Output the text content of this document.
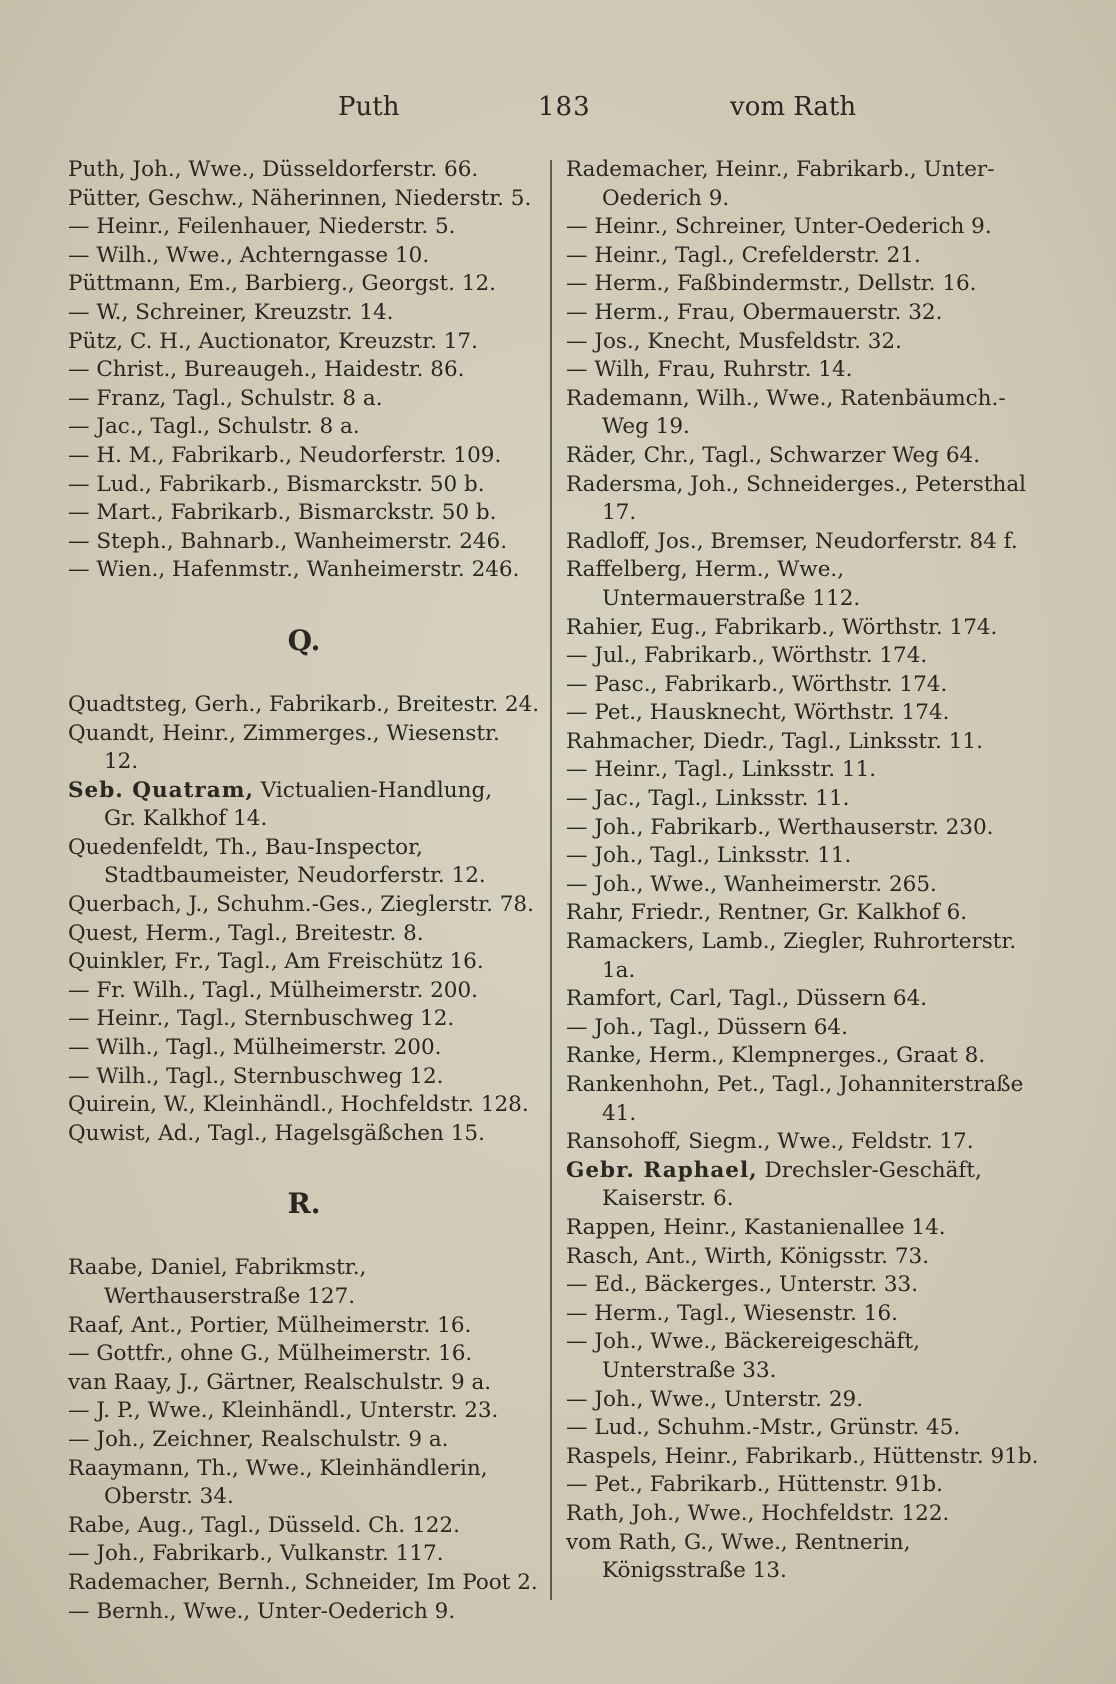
Puth	183	vom Rath
Puth, Joh., Wwe., Düsseldorferstr. 66.
Pütter, Geschw., Näherinnen, Niederstr. 5.
— Heinr., Feilenhauer, Niederstr. 5.
— Wilh., Wwe., Achterngasse 10.
Püttmann, Em., Barbierg., Georgst. 12.
— W., Schreiner, Kreuzstr. 14.
Pütz, C. H., Auctionator, Kreuzstr. 17.
— Christ., Bureaugeh., Haidestr. 86.
— Franz, Tagl., Schulstr. 8 a.
— Jac., Tagl., Schulstr. 8 a.
— H. M., Fabrikarb., Neudorferstr. 109.
— Lud., Fabrikarb., Bismarckstr. 50 b.
— Mart., Fabrikarb., Bismarckstr. 50 b.
— Steph., Bahnarb., Wanheimerstr. 246.
— Wien., Hafenmstr., Wanheimerstr. 246.
Q.
Quadtsteg, Gerh., Fabrikarb., Breitestr. 24.
Quandt, Heinr., Zimmerges., Wiesenstr. 12.
Seb. Quatram, Victualien-Handlung,
Gr. Kalkhof 14.
Quedenfeldt, Th., Bau-Inspector, Stadtbaumeister, Neudorferstr. 12.
Querbach, J., Schuhm.-Ges., Zieglerstr. 78.
Quest, Herm., Tagl., Breitestr. 8.
Quinkler, Fr., Tagl., Am Freischütz 16.
— Fr. Wilh., Tagl., Mülheimerstr. 200.
— Heinr., Tagl., Sternbuschweg 12.
— Wilh., Tagl., Mülheimerstr. 200.
— Wilh., Tagl., Sternbuschweg 12.
Quirein, W., Kleinhändl., Hochfeldstr. 128.
Quwist, Ad., Tagl., Hagelsgäßchen 15.
R.
Raabe, Daniel, Fabrikmstr., Werthauserstraße 127.
Raaf, Ant., Portier, Mülheimerstr. 16.
— Gottfr., ohne G., Mülheimerstr. 16.
van Raay, J., Gärtner, Realschulstr. 9 a.
— J. P., Wwe., Kleinhändl., Unterstr. 23.
— Joh., Zeichner, Realschulstr. 9 a.
Raaymann, Th., Wwe., Kleinhändlerin, Oberstr. 34.
Rabe, Aug., Tagl., Düsseld. Ch. 122.
— Joh., Fabrikarb., Vulkanstr. 117.
Rademacher, Bernh., Schneider, Im Poot 2.
— Bernh., Wwe., Unter-Oederich 9.
Rademacher, Heinr., Fabrikarb., Unter-Oederich 9.
— Heinr., Schreiner, Unter-Oederich 9.
— Heinr., Tagl., Crefelderstr. 21.
— Herm., Faßbindermstr., Dellstr. 16.
— Herm., Frau, Obermauerstr. 32.
— Jos., Knecht, Musfeldstr. 32.
— Wilh, Frau, Ruhrstr. 14.
Rademann, Wilh., Wwe., Ratenbäumch.-Weg 19.
Räder, Chr., Tagl., Schwarzer Weg 64.
Radersma, Joh., Schneiderges., Petersthal 17.
Radloff, Jos., Bremser, Neudorferstr. 84 f.
Raffelberg, Herm., Wwe., Untermauerstraße 112.
Rahier, Eug., Fabrikarb., Wörthstr. 174.
— Jul., Fabrikarb., Wörthstr. 174.
— Pasc., Fabrikarb., Wörthstr. 174.
— Pet., Hausknecht, Wörthstr. 174.
Rahmacher, Diedr., Tagl., Linksstr. 11.
— Heinr., Tagl., Linksstr. 11.
— Jac., Tagl., Linksstr. 11.
— Joh., Fabrikarb., Werthauserstr. 230.
— Joh., Tagl., Linksstr. 11.
— Joh., Wwe., Wanheimerstr. 265.
Rahr, Friedr., Rentner, Gr. Kalkhof 6.
Ramackers, Lamb., Ziegler, Ruhrorterstr. 1a.
Ramfort, Carl, Tagl., Düssern 64.
— Joh., Tagl., Düssern 64.
Ranke, Herm., Klempnerges., Graat 8.
Rankenhohn, Pet., Tagl., Johanniterstraße 41.
Ransohoff, Siegm., Wwe., Feldstr. 17.
Gebr. Raphael, Drechsler-Geschäft, Kaiserstr. 6.
Rappen, Heinr., Kastanienallee 14.
Rasch, Ant., Wirth, Königsstr. 73.
— Ed., Bäckerges., Unterstr. 33.
— Herm., Tagl., Wiesenstr. 16.
— Joh., Wwe., Bäckereigeschäft, Unterstraße 33.
— Joh., Wwe., Unterstr. 29.
— Lud., Schuhm.-Mstr., Grünstr. 45.
Raspels, Heinr., Fabrikarb., Hüttenstr. 91b.
— Pet., Fabrikarb., Hüttenstr. 91b.
Rath, Joh., Wwe., Hochfeldstr. 122.
vom Rath, G., Wwe., Rentnerin, Königsstraße 13.
